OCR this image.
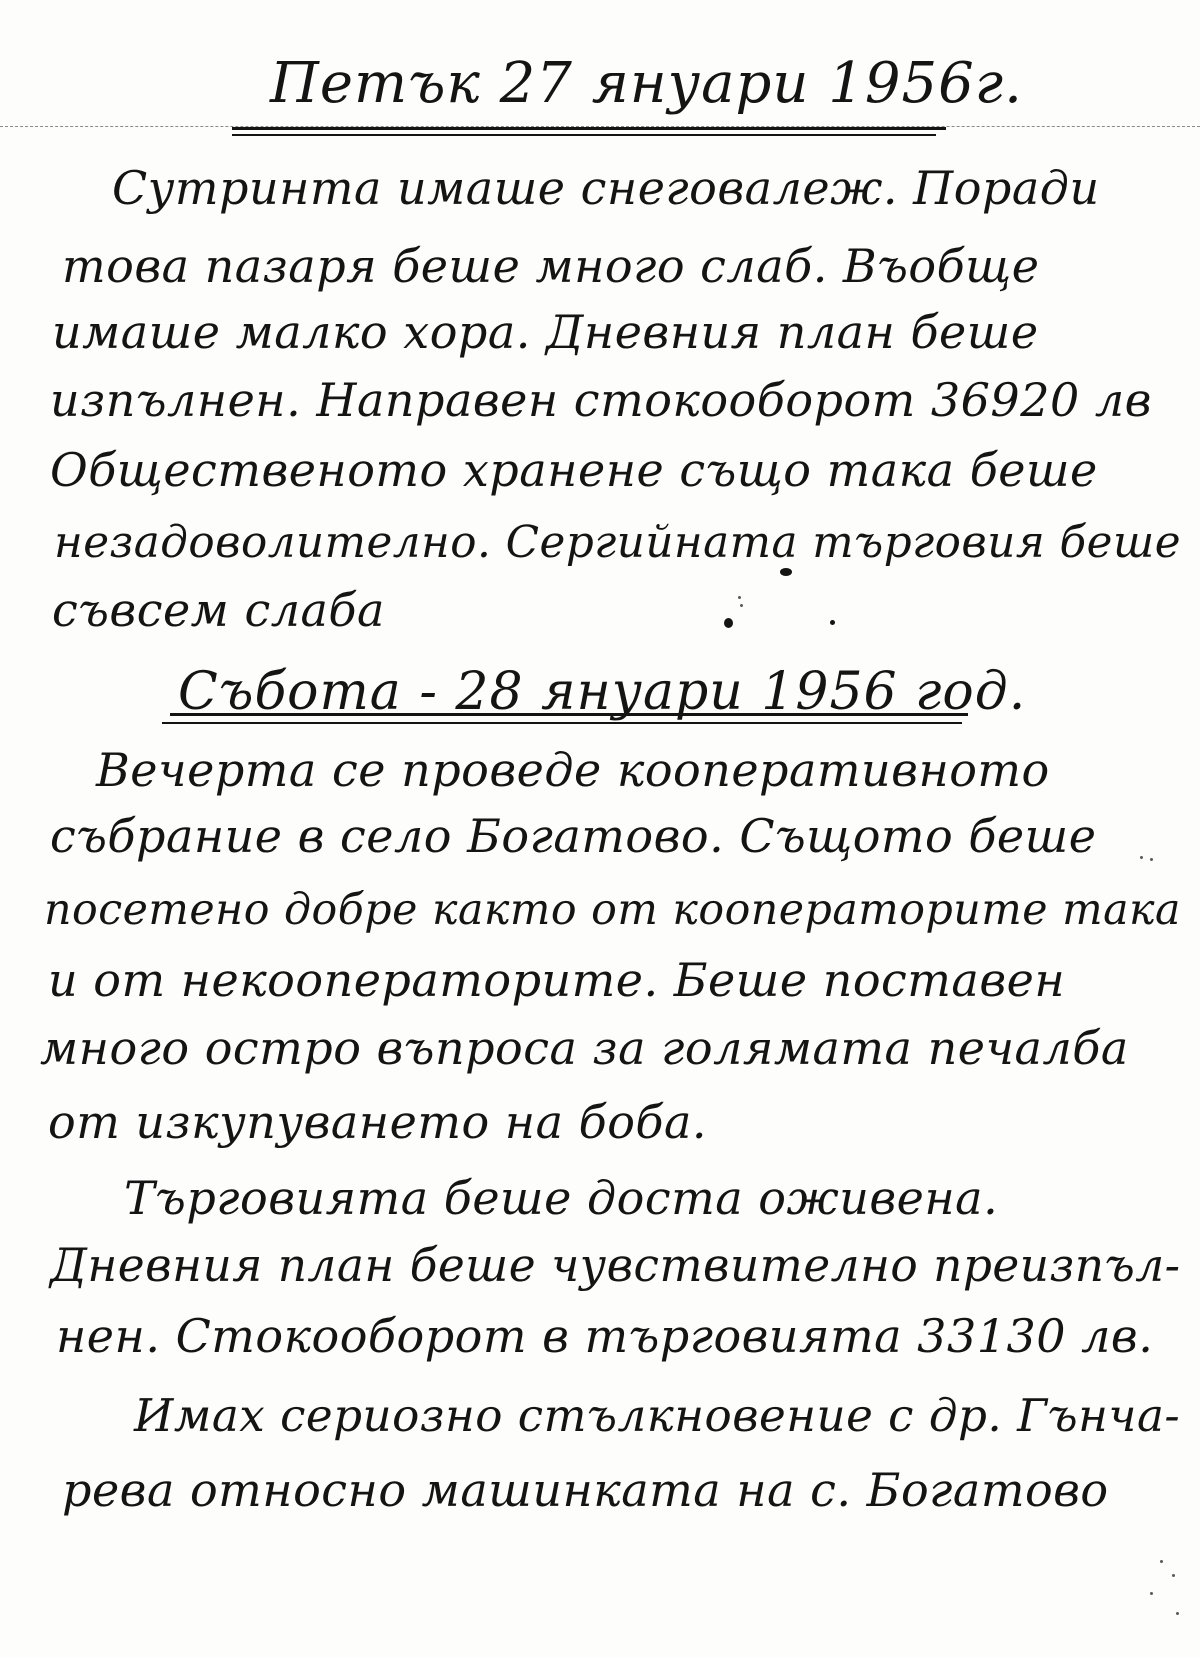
Петък 27 януари 1956г.
Сутринта имаше снеговалеж. Поради
това пазаря беше много слаб. Въобще
имаше малко хора. Дневния план беше
изпълнен. Направен стокооборот 36920 лв
Общественото хранене също така беше
незадоволително. Сергийната търговия беше
съвсем слаба
Събота - 28 януари 1956 год.
Вечерта се проведе кооперативното
събрание в село Богатово. Същото беше
посетено добре както от кооператорите така
и от некооператорите. Беше поставен
много остро въпроса за голямата печалба
от изкупуването на боба.
Търговията беше доста оживена.
Дневния план беше чувствително преизпъл-
нен. Стокооборот в търговията 33130 лв.
Имах сериозно стълкновение с др. Гънча-
рева относно машинката на с. Богатово
